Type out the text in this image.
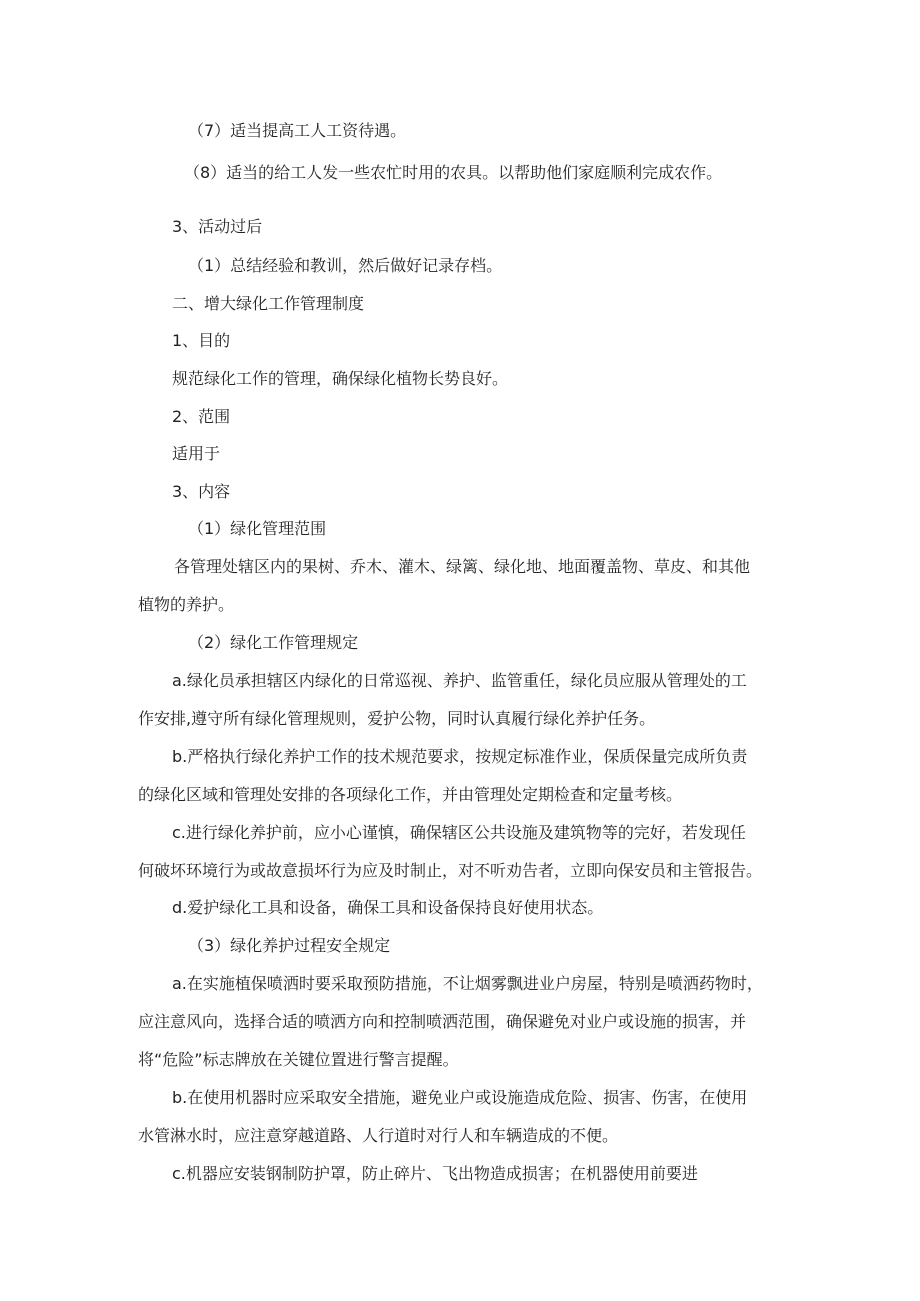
（7）适当提高工人工资待遇。

（8）适当的给工人发一些农忙时用的农具。以帮助他们家庭顺利完成农作。

3、活动过后

（1）总结经验和教训，然后做好记录存档。

二、增大绿化工作管理制度

1、目的

规范绿化工作的管理，确保绿化植物长势良好。

2、范围

适用于

3、内容

（1）绿化管理范围

各管理处辖区内的果树、乔木、灌木、绿篱、绿化地、地面覆盖物、草皮、和其他

植物的养护。

（2）绿化工作管理规定

a.绿化员承担辖区内绿化的日常巡视、养护、监管重任，绿化员应服从管理处的工

作安排,遵守所有绿化管理规则，爱护公物，同时认真履行绿化养护任务。

b.严格执行绿化养护工作的技术规范要求，按规定标准作业，保质保量完成所负责

的绿化区域和管理处安排的各项绿化工作，并由管理处定期检查和定量考核。

c.进行绿化养护前，应小心谨慎，确保辖区公共设施及建筑物等的完好，若发现任

何破坏环境行为或故意损坏行为应及时制止，对不听劝告者，立即向保安员和主管报告。

d.爱护绿化工具和设备，确保工具和设备保持良好使用状态。

（3）绿化养护过程安全规定

a.在实施植保喷洒时要采取预防措施，不让烟雾飘进业户房屋，特别是喷洒药物时，

应注意风向，选择合适的喷洒方向和控制喷洒范围，确保避免对业户或设施的损害，并

将“危险”标志牌放在关键位置进行警言提醒。

b.在使用机器时应采取安全措施，避免业户或设施造成危险、损害、伤害，在使用

水管淋水时，应注意穿越道路、人行道时对行人和车辆造成的不便。

c.机器应安装钢制防护罩，防止碎片、飞出物造成损害；在机器使用前要进
